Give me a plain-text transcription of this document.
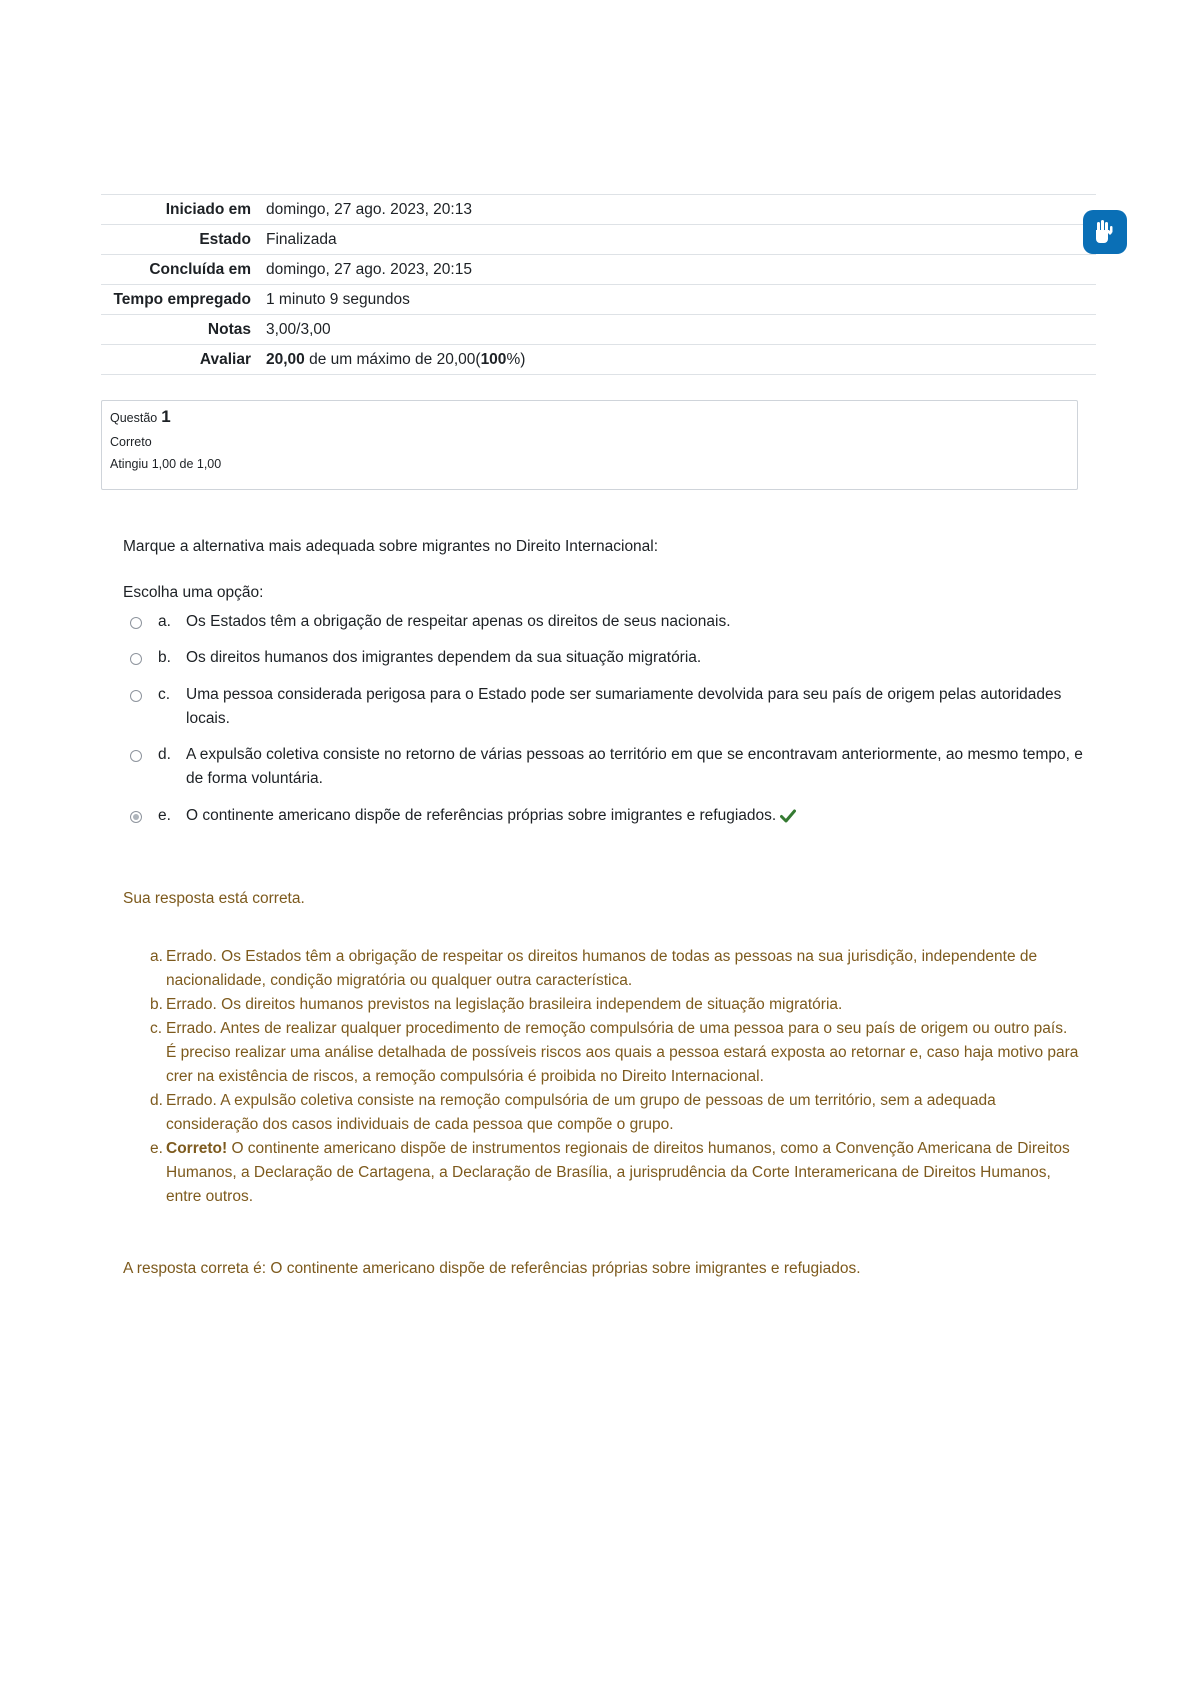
Iniciado em	domingo, 27 ago. 2023, 20:13
Estado	Finalizada
Concluída em	domingo, 27 ago. 2023, 20:15
Tempo empregado	1 minuto 9 segundos
Notas	3,00/3,00
Avaliar	20,00 de um máximo de 20,00(100%)
Questão 1
Correto
Atingiu 1,00 de 1,00
Marque a alternativa mais adequada sobre migrantes no Direito Internacional:
Escolha uma opção:
a. Os Estados têm a obrigação de respeitar apenas os direitos de seus nacionais.
b. Os direitos humanos dos imigrantes dependem da sua situação migratória.
c.	Uma pessoa considerada perigosa para o Estado pode ser sumariamente devolvida para seu país de origem pelas autoridades locais.
d. A expulsão coletiva consiste no retorno de várias pessoas ao território em que se encontravam anteriormente, ao mesmo tempo, e de forma voluntária.
e. O continente americano dispõe de referências próprias sobre imigrantes e refugiados.
Sua resposta está correta.
a. Errado. Os Estados têm a obrigação de respeitar os direitos humanos de todas as pessoas na sua jurisdição, independente de nacionalidade, condição migratória ou qualquer outra característica.
b. Errado. Os direitos humanos previstos na legislação brasileira independem de situação migratória.
c. Errado. Antes de realizar qualquer procedimento de remoção compulsória de uma pessoa para o seu país de origem ou outro país. É preciso realizar uma análise detalhada de possíveis riscos aos quais a pessoa estará exposta ao retornar e, caso haja motivo para crer na existência de riscos, a remoção compulsória é proibida no Direito Internacional.
d. Errado. A expulsão coletiva consiste na remoção compulsória de um grupo de pessoas de um território, sem a adequada consideração dos casos individuais de cada pessoa que compõe o grupo.
e. Correto! O continente americano dispõe de instrumentos regionais de direitos humanos, como a Convenção Americana de Direitos Humanos, a Declaração de Cartagena, a Declaração de Brasília, a jurisprudência da Corte Interamericana de Direitos Humanos, entre outros.
A resposta correta é: O continente americano dispõe de referências próprias sobre imigrantes e refugiados.
